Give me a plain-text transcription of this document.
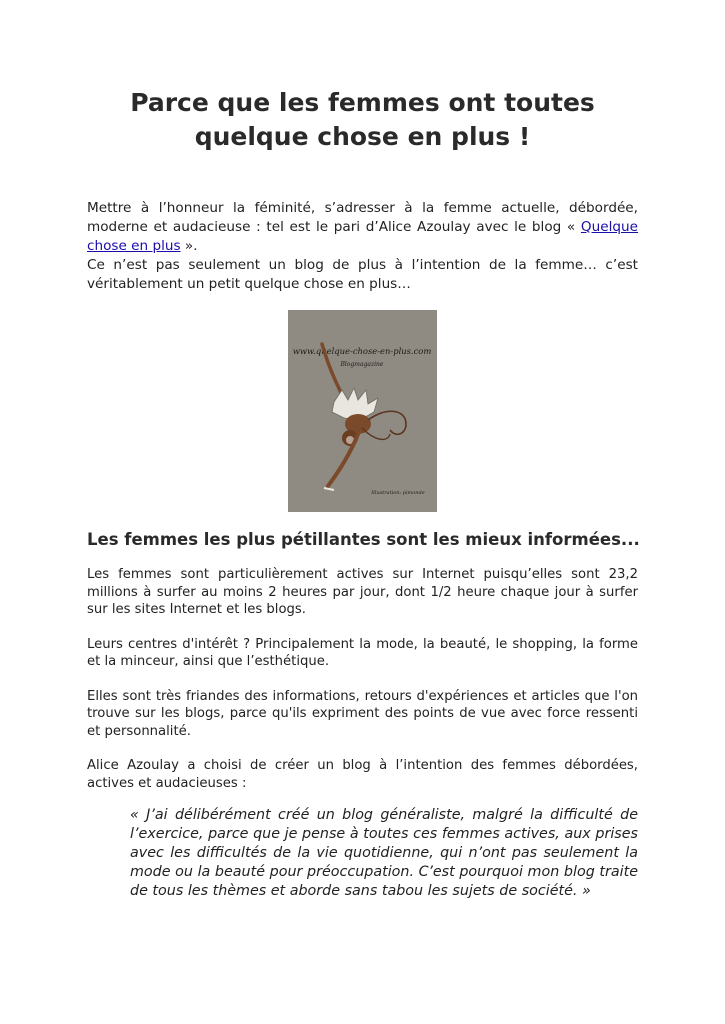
Parce que les femmes ont toutes
quelque chose en plus !

Mettre à l’honneur la féminité, s’adresser à la femme actuelle, débordée, moderne et audacieuse : tel est le pari d’Alice Azoulay avec le blog « Quelque chose en plus ».

Ce n’est pas seulement un blog de plus à l’intention de la femme… c’est véritablement un petit quelque chose en plus…

www.quelque-chose-en-plus.com
Blogmagazine
Illustration: pimonde
Les femmes les plus pétillantes sont les mieux informées...

Les femmes sont particulièrement actives sur Internet puisqu’elles sont 23,2 millions à surfer au moins 2 heures par jour, dont 1/2 heure chaque jour à surfer sur les sites Internet et les blogs.

Leurs centres d'intérêt ? Principalement la mode, la beauté, le shopping, la forme et la minceur, ainsi que l’esthétique.

Elles sont très friandes des informations, retours d'expériences et articles que l'on trouve sur les blogs, parce qu'ils expriment des points de vue avec force ressenti et personnalité.

Alice Azoulay a choisi de créer un blog à l’intention des femmes débordées, actives et audacieuses :

« J’ai délibérément créé un blog généraliste, malgré la difficulté de l’exercice, parce que je pense à toutes ces femmes actives, aux prises avec les difficultés de la vie quotidienne, qui n’ont pas seulement la mode ou la beauté pour préoccupation. C’est pourquoi mon blog traite de tous les thèmes et aborde sans tabou les sujets de société. »
